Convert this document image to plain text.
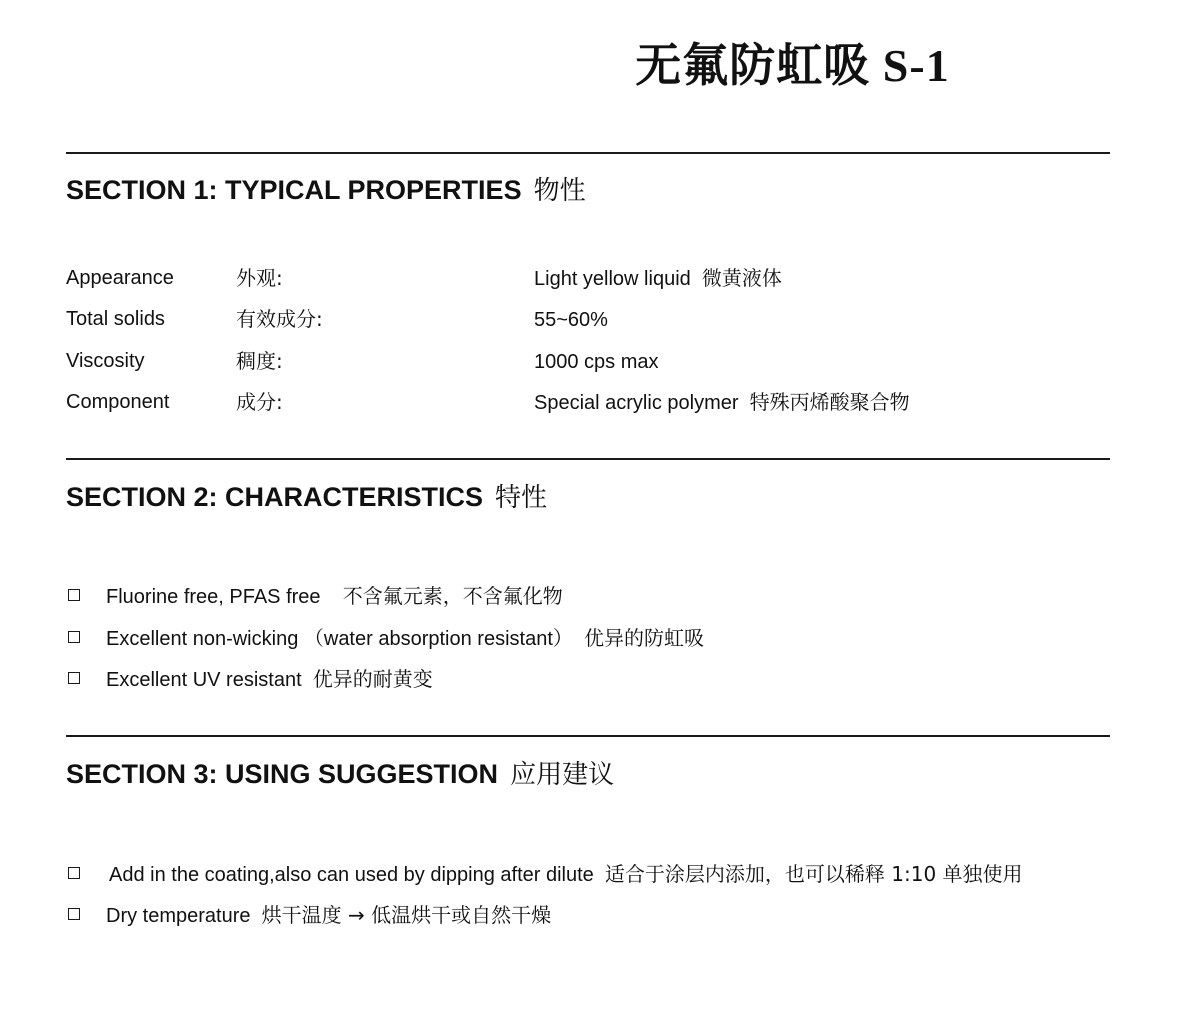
无氟防虹吸 S-1
SECTION 1: TYPICAL PROPERTIES 物性
Appearance	外观:	Light yellow liquid 微黄液体
Total solids	有效成分:	55~60%
Viscosity	稠度:	1000 cps max
Component	成分:	Special acrylic polymer 特殊丙烯酸聚合物
SECTION 2: CHARACTERISTICS 特性
Fluorine free, PFAS free 不含氟元素，不含氟化物
Excellent non-wicking （water absorption resistant） 优异的防虹吸
Excellent UV resistant 优异的耐黄变
SECTION 3: USING SUGGESTION 应用建议
Add in the coating,also can used by dipping after dilute 适合于涂层内添加，也可以稀释 1:10 单独使用
Dry temperature 烘干温度 → 低温烘干或自然干燥
